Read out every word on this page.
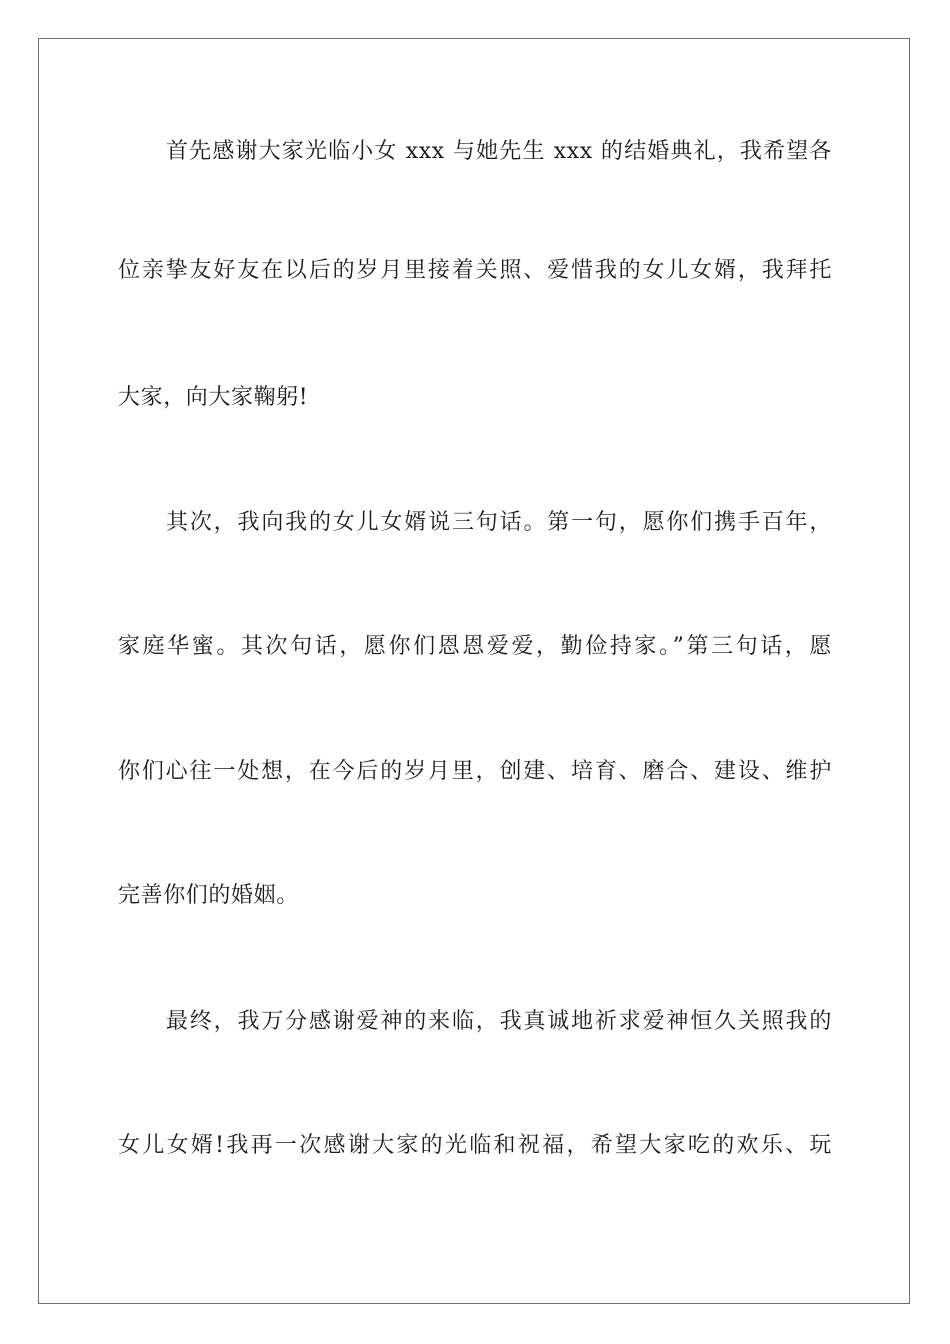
首先感谢大家光临小女 xxx 与她先生 xxx 的结婚典礼，我希望各
位亲挚友好友在以后的岁月里接着关照、爱惜我的女儿女婿，我拜托
大家，向大家鞠躬!
其次，我向我的女儿女婿说三句话。第一句，愿你们携手百年，
家庭华蜜。其次句话，愿你们恩恩爱爱，勤俭持家。”第三句话，愿
你们心往一处想，在今后的岁月里，创建、培育、磨合、建设、维护
完善你们的婚姻。
最终，我万分感谢爱神的来临，我真诚地祈求爱神恒久关照我的
女儿女婿!我再一次感谢大家的光临和祝福，希望大家吃的欢乐、玩
